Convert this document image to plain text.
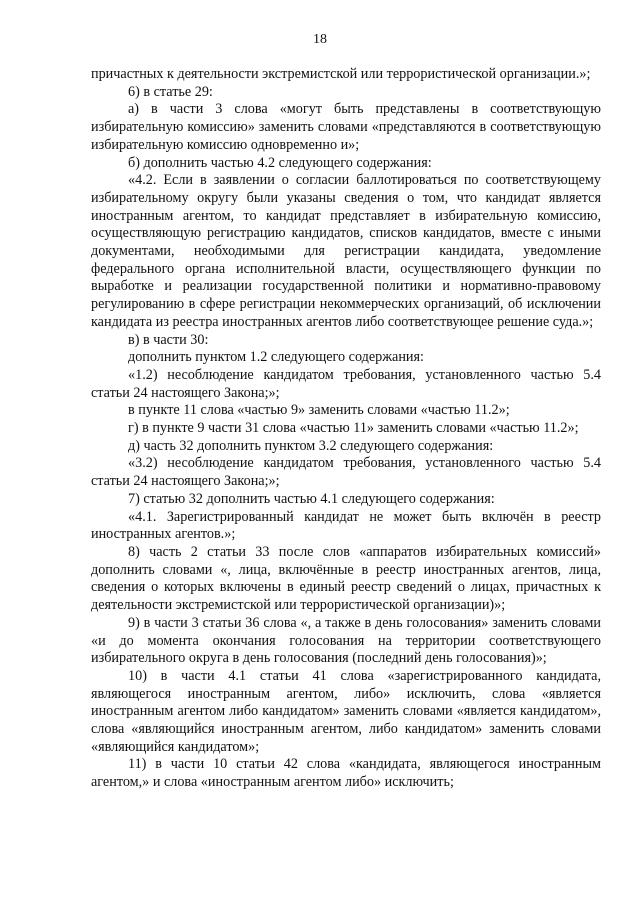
18

причастных к деятельности экстремистской или террористической организации.»;

6) в статье 29:

а) в части 3 слова «могут быть представлены в соответствующую избирательную комиссию» заменить словами «представляются в соответствующую избирательную комиссию одновременно и»;

б) дополнить частью 4.2 следующего содержания:

«4.2. Если в заявлении о согласии баллотироваться по соответствующему избирательному округу были указаны сведения о том, что кандидат является иностранным агентом, то кандидат представляет в избирательную комиссию, осуществляющую регистрацию кандидатов, списков кандидатов, вместе с иными документами, необходимыми для регистрации кандидата, уведомление федерального органа исполнительной власти, осуществляющего функции по выработке и реализации государственной политики и нормативно-правовому регулированию в сфере регистрации некоммерческих организаций, об исключении кандидата из реестра иностранных агентов либо соответствующее решение суда.»;

в) в части 30:

дополнить пунктом 1.2 следующего содержания:

«1.2) несоблюдение кандидатом требования, установленного частью 5.4 статьи 24 настоящего Закона;»;

в пункте 11 слова «частью 9» заменить словами «частью 11.2»;

г) в пункте 9 части 31 слова «частью 11» заменить словами «частью 11.2»;

д) часть 32 дополнить пунктом 3.2 следующего содержания:

«3.2) несоблюдение кандидатом требования, установленного частью 5.4 статьи 24 настоящего Закона;»;

7) статью 32 дополнить частью 4.1 следующего содержания:

«4.1. Зарегистрированный кандидат не может быть включён в реестр иностранных агентов.»;

8) часть 2 статьи 33 после слов «аппаратов избирательных комиссий» дополнить словами «, лица, включённые в реестр иностранных агентов, лица, сведения о которых включены в единый реестр сведений о лицах, причастных к деятельности экстремистской или террористической организации)»;

9) в части 3 статьи 36 слова «, а также в день голосования» заменить словами «и до момента окончания голосования на территории соответствующего избирательного округа в день голосования (последний день голосования)»;

10) в части 4.1 статьи 41 слова «зарегистрированного кандидата, являющегося иностранным агентом, либо» исключить, слова «является иностранным агентом либо кандидатом» заменить словами «является кандидатом», слова «являющийся иностранным агентом, либо кандидатом» заменить словами «являющийся кандидатом»;

11) в части 10 статьи 42 слова «кандидата, являющегося иностранным агентом,» и слова «иностранным агентом либо» исключить;
